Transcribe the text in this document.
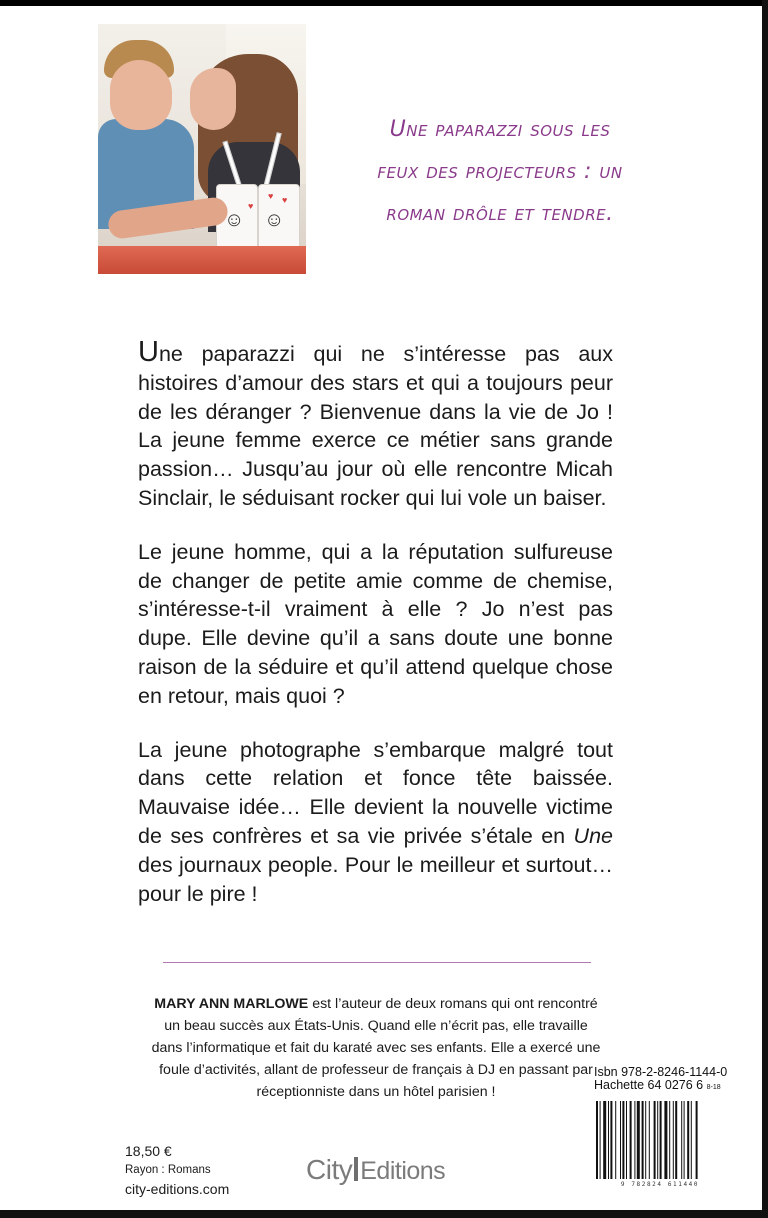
☺ ☺
♥
♥
♥
Une paparazzi sous les
feux des projecteurs : un
roman drôle et tendre.

Une paparazzi qui ne s’intéresse pas aux histoires d’amour des stars et qui a toujours peur de les déranger ? Bienvenue dans la vie de Jo ! La jeune femme exerce ce métier sans grande passion… Jusqu’au jour où elle rencontre Micah Sinclair, le séduisant rocker qui lui vole un baiser.

Le jeune homme, qui a la réputation sulfureuse de changer de petite amie comme de chemise, s’intéresse-t-il vraiment à elle ? Jo n’est pas dupe. Elle devine qu’il a sans doute une bonne raison de la séduire et qu’il attend quelque chose en retour, mais quoi ?

La jeune photographe s’embarque malgré tout dans cette relation et fonce tête baissée. Mauvaise idée… Elle devient la nouvelle victime de ses confrères et sa vie privée s’étale en Une des journaux people. Pour le meilleur et surtout… pour le pire !

MARY ANN MARLOWE est l’auteur de deux romans qui ont rencontré un beau succès aux États-Unis. Quand elle n’écrit pas, elle travaille dans l’informatique et fait du karaté avec ses enfants. Elle a exercé une foule d’activités, allant de professeur de français à DJ en passant par réceptionniste dans un hôtel parisien !
18,50 €
Rayon : Romans
city-editions.com
City Editions
Isbn 978-2-8246-1144-0
Hachette 64 0276 6 8-18
9 782824 611440
